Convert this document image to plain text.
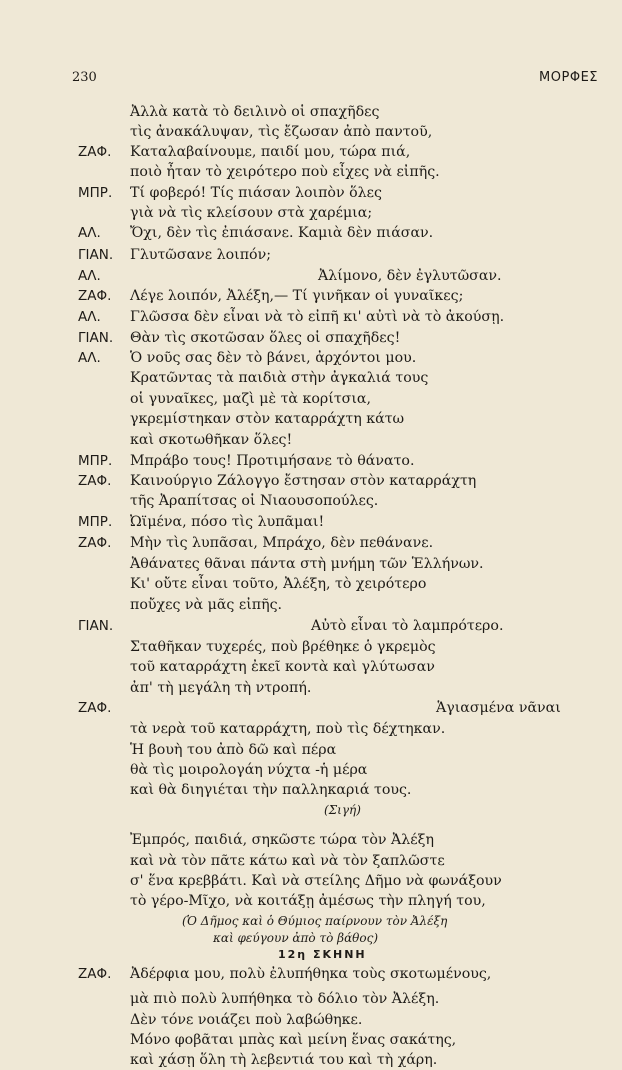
230	ΜΟΡΦΕΣ
Ἀλλὰ κατὰ τὸ δειλινὸ οἱ σπαχῆδες
τὶς ἀνακάλυψαν, τὶς ἔζωσαν ἀπὸ παντοῦ,
ΖΑΦ. Καταλαβαίνουμε, παιδί μου, τώρα πιά,
ποιὸ ἦταν τὸ χειρότερο ποὺ εἶχες νὰ εἰπῆς.
ΜΠΡ. Τί φοβερό! Τίς πιάσαν λοιπὸν ὅλες
γιὰ νὰ τὶς κλείσουν στὰ χαρέμια;
ΑΛ. Ὄχι, δὲν τὶς ἐπιάσανε. Καμιὰ δὲν πιάσαν.
ΓΙΑΝ. Γλυτῶσανε λοιπόν;
ΑΛ.	Ἀλίμονο, δὲν ἐγλυτῶσαν.
ΖΑΦ. Λέγε λοιπόν, Ἀλέξη,— Τί γινῆκαν οἱ γυναῖκες;
ΑΛ. Γλῶσσα δὲν εἶναι νὰ τὸ εἰπῆ κι' αὐτὶ νὰ τὸ ἀκούσῃ.
ΓΙΑΝ. Θὰν τὶς σκοτῶσαν ὅλες οἱ σπαχῆδες!
ΑΛ. Ὁ νοῦς σας δὲν τὸ βάνει, ἀρχόντοι μου.
Κρατῶντας τὰ παιδιὰ στὴν ἀγκαλιά τους
οἱ γυναῖκες, μαζὶ μὲ τὰ κορίτσια,
γκρεμίστηκαν στὸν καταρράχτη κάτω
καὶ σκοτωθῆκαν ὅλες!
ΜΠΡ. Μπράβο τους! Προτιμήσανε τὸ θάνατο.
ΖΑΦ. Καινούργιο Ζάλογγο ἔστησαν στὸν καταρράχτη
τῆς Ἀραπίτσας οἱ Νιαουσοπούλες.
ΜΠΡ. Ὠϊμένα, πόσο τὶς λυπᾶμαι!
ΖΑΦ. Μὴν τὶς λυπᾶσαι, Μπράχο, δὲν πεθάνανε.
Ἀθάνατες θᾶναι πάντα στὴ μνήμη τῶν Ἑλλήνων.
Κι' οὔτε εἶναι τοῦτο, Ἀλέξη, τὸ χειρότερο
ποὔχες νὰ μᾶς εἰπῆς.
ΓΙΑΝ.	Αὐτὸ εἶναι τὸ λαμπρότερο.
Σταθῆκαν τυχερές, ποὺ βρέθηκε ὁ γκρεμὸς
τοῦ καταρράχτη ἐκεῖ κοντὰ καὶ γλύτωσαν
ἀπ' τὴ μεγάλη τὴ ντροπή.
ΖΑΦ.	Ἁγιασμένα νᾶναι
τὰ νερὰ τοῦ καταρράχτη, ποὺ τὶς δέχτηκαν.
Ἡ βουὴ του ἀπὸ δῶ καὶ πέρα
θὰ τὶς μοιρολογάη νύχτα -ἡ μέρα
καὶ θὰ διηγιέται τὴν παλληκαριά τους.
(Σιγή)
Ἐμπρός, παιδιά, σηκῶστε τώρα τὸν Ἀλέξη
καὶ νὰ τὸν πᾶτε κάτω καὶ νὰ τὸν ξαπλῶστε
σ' ἕνα κρεββάτι. Καὶ νὰ στείλης Δῆμο νὰ φωνάξουν
τὸ γέρο-Μῖχο, νὰ κοιτάξῃ ἀμέσως τὴν πληγή του,
(Ὁ Δῆμος καὶ ὁ Θύμιος παίρνουν τὸν Ἀλέξη
καὶ φεύγουν ἀπὸ τὸ βάθος)
12η ΣΚΗΝΗ
ΖΑΦ. Ἀδέρφια μου, πολὺ ἐλυπήθηκα τοὺς σκοτωμένους,
μὰ πιὸ πολὺ λυπήθηκα τὸ δόλιο τὸν Ἀλέξη.
Δὲν τόνε νοιάζει ποὺ λαβώθηκε.
Μόνο φοβᾶται μπὰς καὶ μείνη ἕνας σακάτης,
καὶ χάσῃ ὅλη τὴ λεβεντιά του καὶ τὴ χάρη.
